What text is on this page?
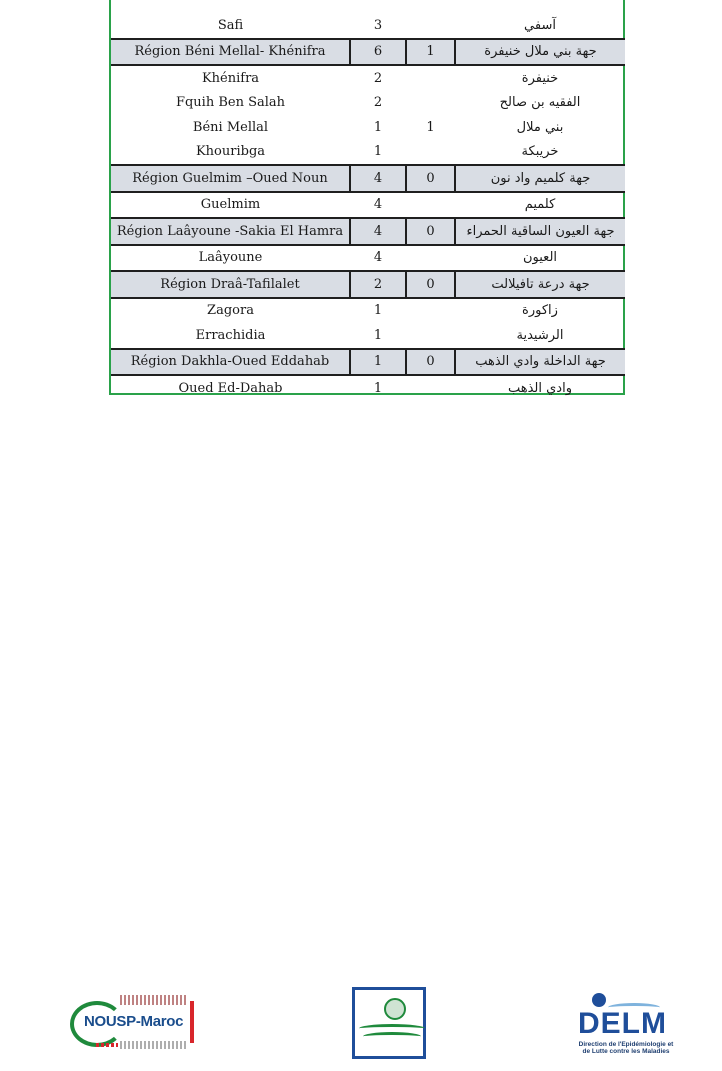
Safi	3		آسفي
Région Béni Mellal- Khénifra	6	1	جهة بني ملال خنيفرة
Khénifra	2		خنيفرة
Fquih Ben Salah	2		الفقيه بن صالح
Béni Mellal	1	1	بني ملال
Khouribga	1		خريبكة
Région Guelmim –Oued Noun	4	0	جهة كلميم واد نون
Guelmim	4		كلميم
Région Laâyoune -Sakia El Hamra	4	0	جهة العيون الساقية الحمراء
Laâyoune	4		العيون
Région Draâ-Tafilalet	2	0	جهة درعة تافيلالت
Zagora	1		زاكورة
Errachidia	1		الرشيدية
Région Dakhla-Oued Eddahab	1	0	جهة الداخلة وادي الذهب
Oued Ed-Dahab	1		وادي الذهب
NOUSP-Maroc	DELM
Direction de l'Epidémiologie et de Lutte contre les Maladies
